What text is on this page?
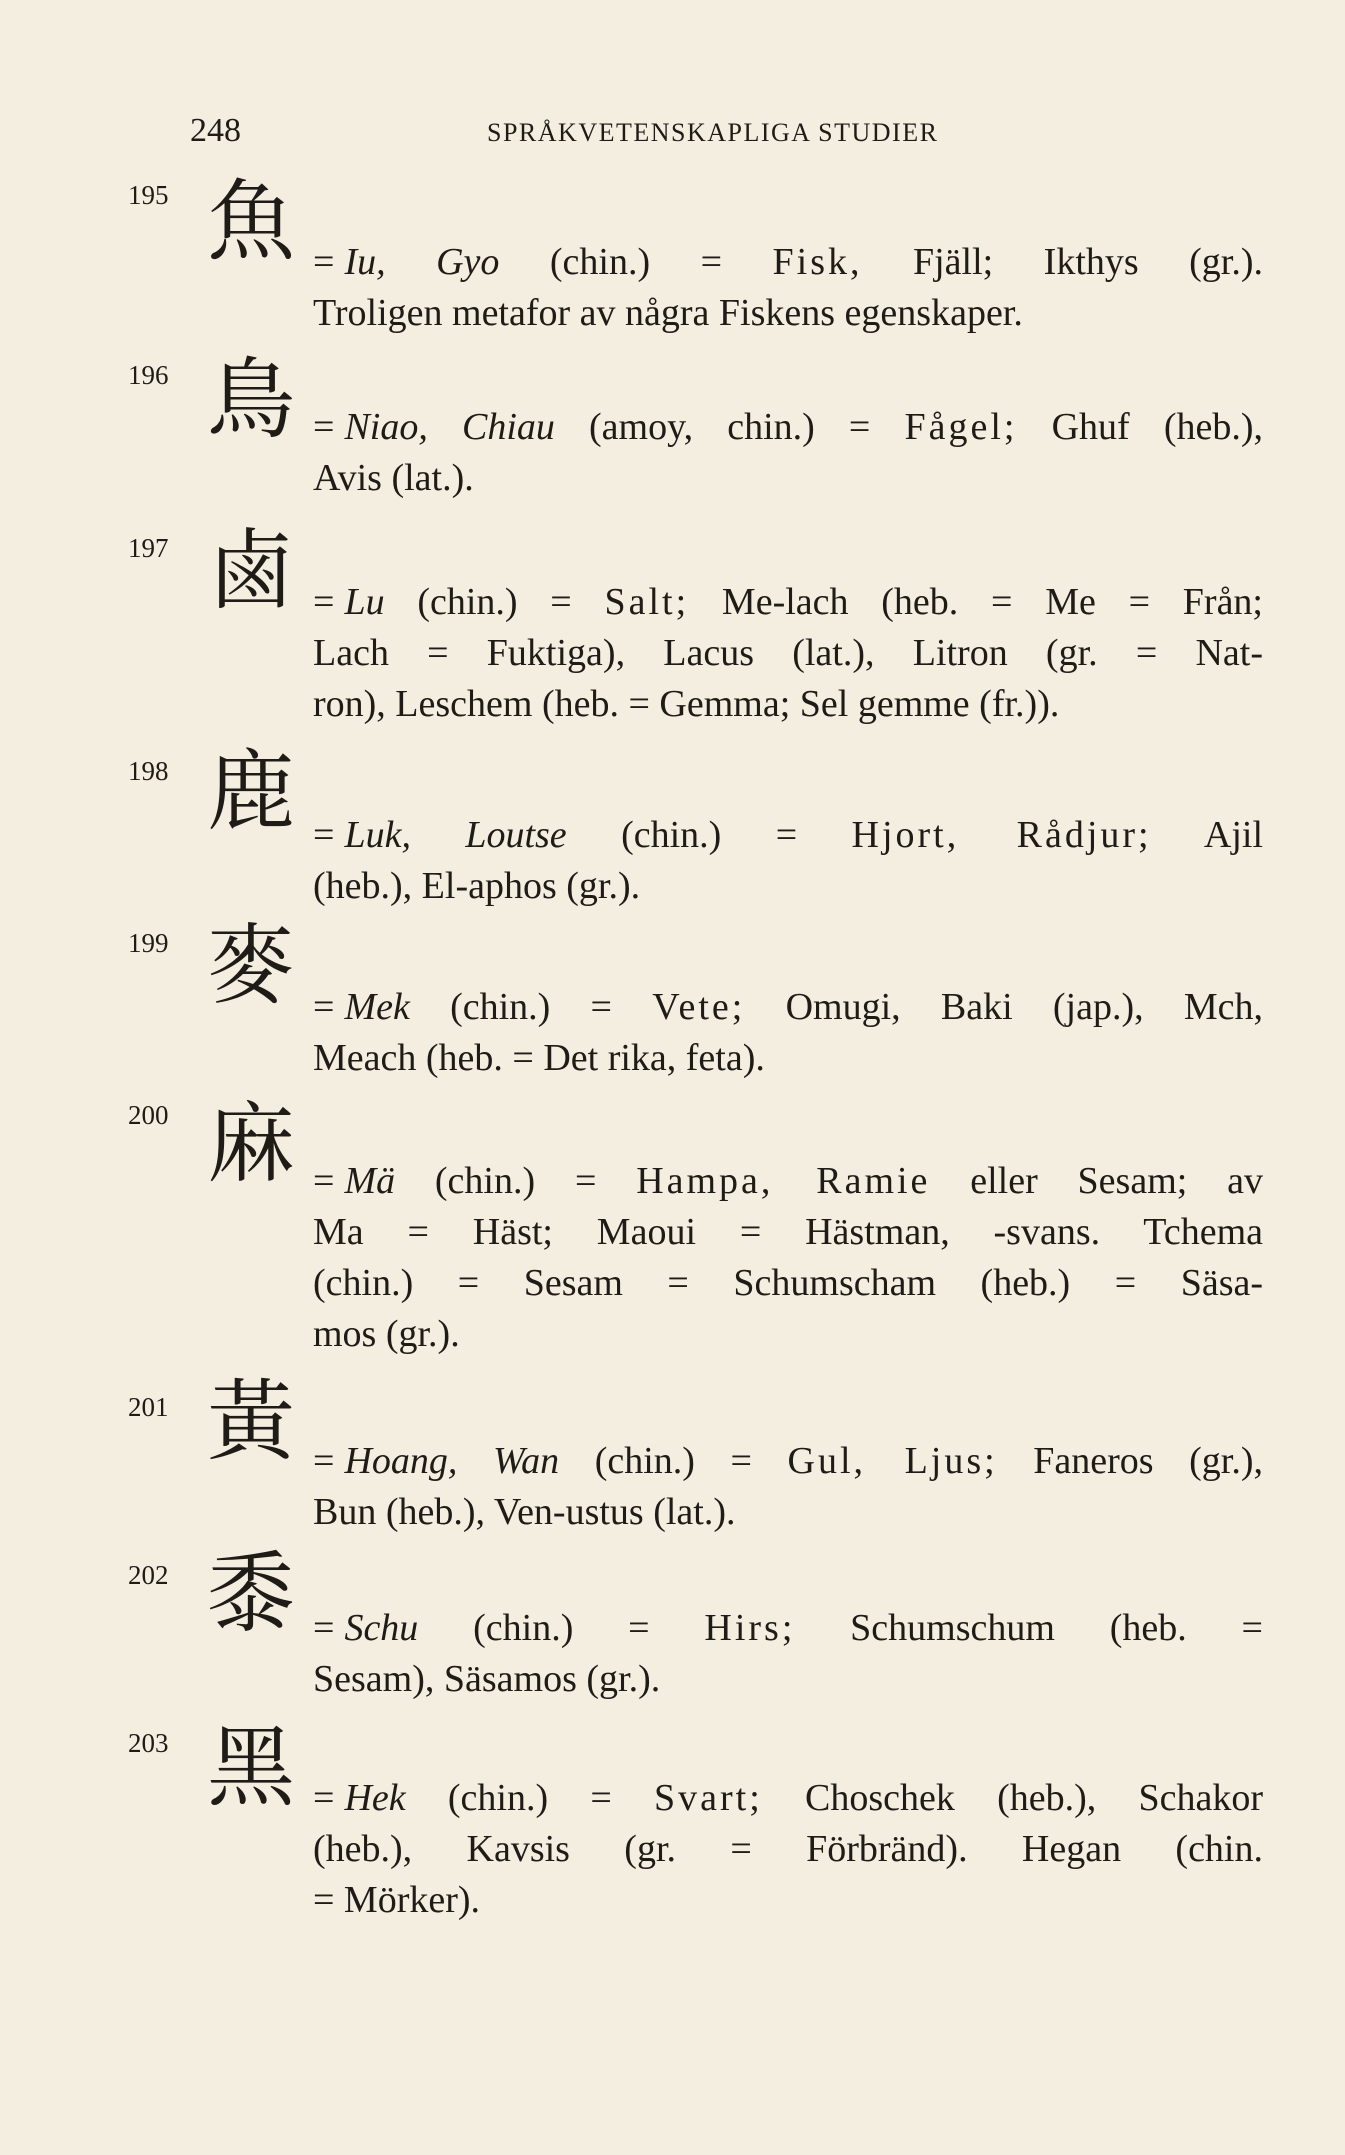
248	SPRÅKVETENSKAPLIGA STUDIER
195 魚 = Iu, Gyo (chin.) = Fisk, Fjäll; Ikthys (gr.).
Troligen metafor av några Fiskens egenskaper.
196 鳥 = Niao, Chiau (amoy, chin.) = Fågel; Ghuf (heb.),
Avis (lat.).
197 鹵 = Lu (chin.) = Salt; Me-lach (heb. = Me = Från;
Lach = Fuktiga), Lacus (lat.), Litron (gr. = Nat-
ron), Leschem (heb. = Gemma; Sel gemme (fr.)).
198 鹿 = Luk, Loutse (chin.) = Hjort, Rådjur; Ajil
(heb.), El-aphos (gr.).
199 麥 = Mek (chin.) = Vete; Omugi, Baki (jap.), Mch,
Meach (heb. = Det rika, feta).
200 麻 = Mä (chin.) = Hampa, Ramie eller Sesam; av
Ma = Häst; Maoui = Hästman, -svans. Tchema
(chin.) = Sesam = Schumscham (heb.) = Säsa-
mos (gr.).
201 黃 = Hoang, Wan (chin.) = Gul, Ljus; Faneros (gr.),
Bun (heb.), Ven-ustus (lat.).
202 黍 = Schu (chin.) = Hirs; Schumschum (heb. =
Sesam), Säsamos (gr.).
203 黑 = Hek (chin.) = Svart; Choschek (heb.), Schakor
(heb.), Kavsis (gr. = Förbränd). Hegan (chin.
= Mörker).
